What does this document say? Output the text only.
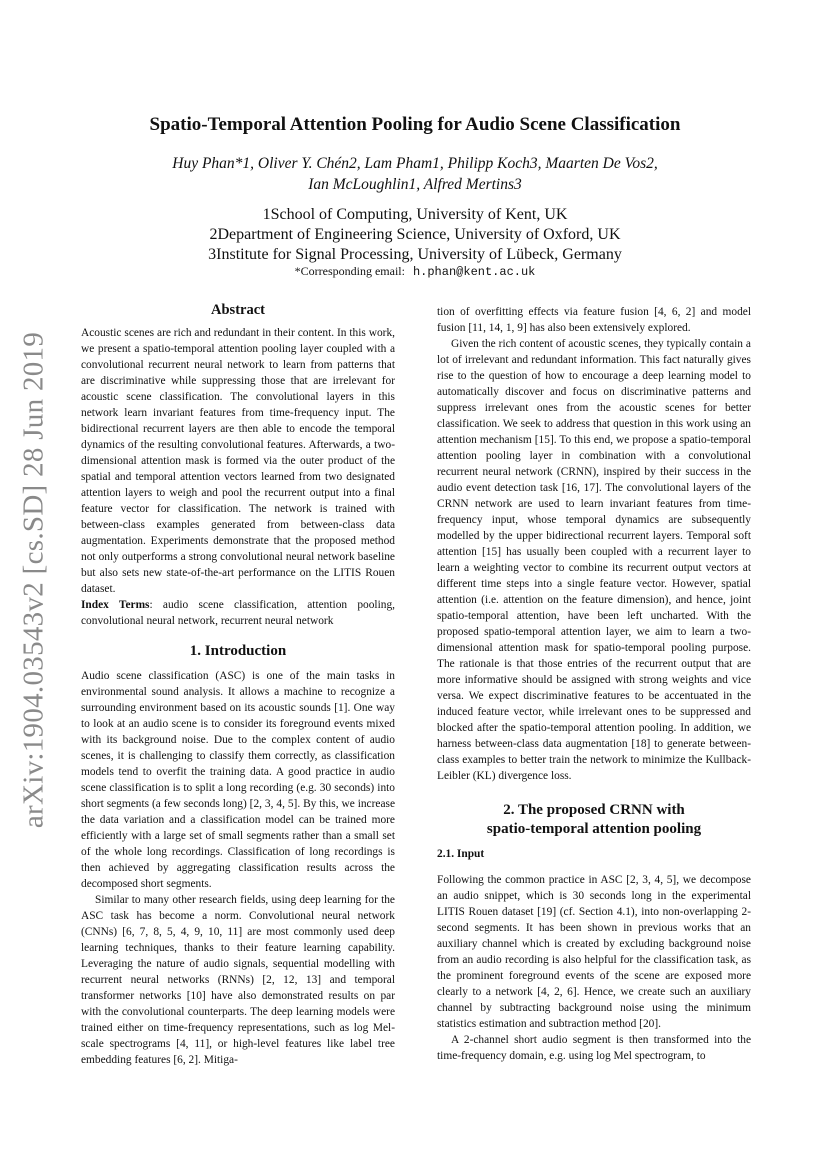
arXiv:1904.03543v2 [cs.SD] 28 Jun 2019
Spatio-Temporal Attention Pooling for Audio Scene Classification
Huy Phan*1, Oliver Y. Chén2, Lam Pham1, Philipp Koch3, Maarten De Vos2,
Ian McLoughlin1, Alfred Mertins3
1School of Computing, University of Kent, UK
2Department of Engineering Science, University of Oxford, UK
3Institute for Signal Processing, University of Lübeck, Germany
*Corresponding email: h.phan@kent.ac.uk
Abstract

Acoustic scenes are rich and redundant in their content. In this work, we present a spatio-temporal attention pooling layer coupled with a convolutional recurrent neural network to learn from patterns that are discriminative while suppressing those that are irrelevant for acoustic scene classification. The convolutional layers in this network learn invariant features from time-frequency input. The bidirectional recurrent layers are then able to encode the temporal dynamics of the resulting convolutional features. Afterwards, a two-dimensional attention mask is formed via the outer product of the spatial and temporal attention vectors learned from two designated attention layers to weigh and pool the recurrent output into a final feature vector for classification. The network is trained with between-class examples generated from between-class data augmentation. Experiments demonstrate that the proposed method not only outperforms a strong convolutional neural network baseline but also sets new state-of-the-art performance on the LITIS Rouen dataset.

Index Terms: audio scene classification, attention pooling, convolutional neural network, recurrent neural network

1. Introduction

Audio scene classification (ASC) is one of the main tasks in environmental sound analysis. It allows a machine to recognize a surrounding environment based on its acoustic sounds [1]. One way to look at an audio scene is to consider its foreground events mixed with its background noise. Due to the complex content of audio scenes, it is challenging to classify them correctly, as classification models tend to overfit the training data. A good practice in audio scene classification is to split a long recording (e.g. 30 seconds) into short segments (a few seconds long) [2, 3, 4, 5]. By this, we increase the data variation and a classification model can be trained more efficiently with a large set of small segments rather than a small set of the whole long recordings. Classification of long recordings is then achieved by aggregating classification results across the decomposed short segments.

Similar to many other research fields, using deep learning for the ASC task has become a norm. Convolutional neural network (CNNs) [6, 7, 8, 5, 4, 9, 10, 11] are most commonly used deep learning techniques, thanks to their feature learning capability. Leveraging the nature of audio signals, sequential modelling with recurrent neural networks (RNNs) [2, 12, 13] and temporal transformer networks [10] have also demonstrated results on par with the convolutional counterparts. The deep learning models were trained either on time-frequency representations, such as log Mel-scale spectrograms [4, 11], or high-level features like label tree embedding features [6, 2]. Mitiga-

tion of overfitting effects via feature fusion [4, 6, 2] and model fusion [11, 14, 1, 9] has also been extensively explored.

Given the rich content of acoustic scenes, they typically contain a lot of irrelevant and redundant information. This fact naturally gives rise to the question of how to encourage a deep learning model to automatically discover and focus on discriminative patterns and suppress irrelevant ones from the acoustic scenes for better classification. We seek to address that question in this work using an attention mechanism [15]. To this end, we propose a spatio-temporal attention pooling layer in combination with a convolutional recurrent neural network (CRNN), inspired by their success in the audio event detection task [16, 17]. The convolutional layers of the CRNN network are used to learn invariant features from time-frequency input, whose temporal dynamics are subsequently modelled by the upper bidirectional recurrent layers. Temporal soft attention [15] has usually been coupled with a recurrent layer to learn a weighting vector to combine its recurrent output vectors at different time steps into a single feature vector. However, spatial attention (i.e. attention on the feature dimension), and hence, joint spatio-temporal attention, have been left uncharted. With the proposed spatio-temporal attention layer, we aim to learn a two-dimensional attention mask for spatio-temporal pooling purpose. The rationale is that those entries of the recurrent output that are more informative should be assigned with strong weights and vice versa. We expect discriminative features to be accentuated in the induced feature vector, while irrelevant ones to be suppressed and blocked after the spatio-temporal attention pooling. In addition, we harness between-class data augmentation [18] to generate between-class examples to better train the network to minimize the Kullback-Leibler (KL) divergence loss.

2. The proposed CRNN with
spatio-temporal attention pooling
2.1. Input

Following the common practice in ASC [2, 3, 4, 5], we decompose an audio snippet, which is 30 seconds long in the experimental LITIS Rouen dataset [19] (cf. Section 4.1), into non-overlapping 2-second segments. It has been shown in previous works that an auxiliary channel which is created by excluding background noise from an audio recording is also helpful for the classification task, as the prominent foreground events of the scene are exposed more clearly to a network [4, 2, 6]. Hence, we create such an auxiliary channel by subtracting background noise using the minimum statistics estimation and subtraction method [20].

A 2-channel short audio segment is then transformed into the time-frequency domain, e.g. using log Mel spectrogram, to
